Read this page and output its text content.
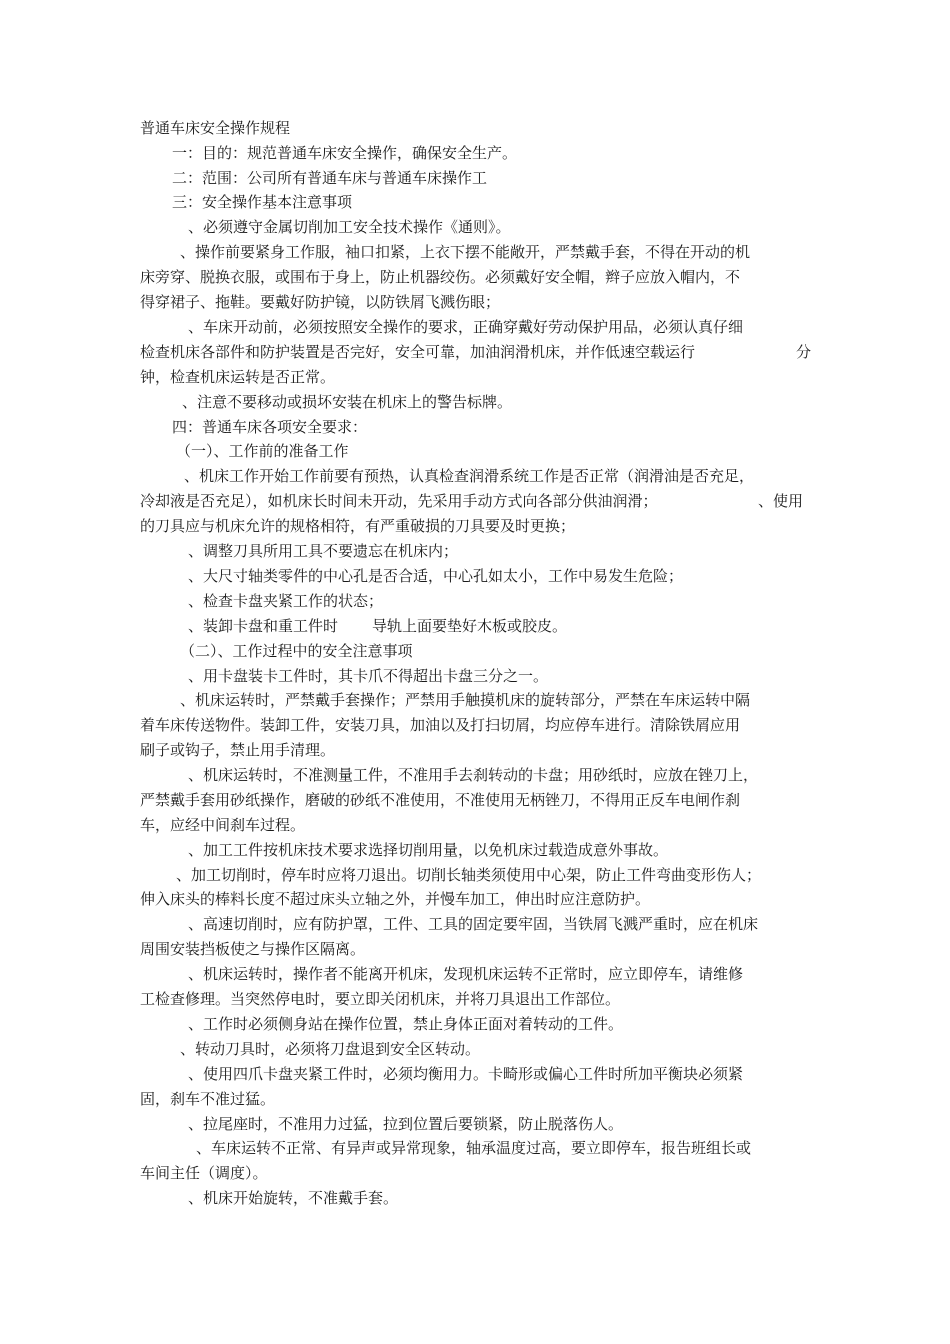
普通车床安全操作规程
一：目的：规范普通车床安全操作，确保安全生产。
二：范围：公司所有普通车床与普通车床操作工
三：安全操作基本注意事项
、必须遵守金属切削加工安全技术操作《通则》。
、操作前要紧身工作服，袖口扣紧，上衣下摆不能敞开，严禁戴手套，不得在开动的机
床旁穿、脱换衣服，或围布于身上，防止机器绞伤。必须戴好安全帽，辫子应放入帽内，不
得穿裙子、拖鞋。要戴好防护镜，以防铁屑飞溅伤眼；
、车床开动前，必须按照安全操作的要求，正确穿戴好劳动保护用品，必须认真仔细
检查机床各部件和防护装置是否完好，安全可靠，加油润滑机床，并作低速空载运行	分
钟，检查机床运转是否正常。
、注意不要移动或损坏安装在机床上的警告标牌。
四：普通车床各项安全要求：
（一）、工作前的准备工作
、机床工作开始工作前要有预热，认真检查润滑系统工作是否正常（润滑油是否充足，
冷却液是否充足），如机床长时间未开动，先采用手动方式向各部分供油润滑；	、使用
的刀具应与机床允许的规格相符，有严重破损的刀具要及时更换；
、调整刀具所用工具不要遗忘在机床内；
、大尺寸轴类零件的中心孔是否合适，中心孔如太小，工作中易发生危险；
、检查卡盘夹紧工作的状态；
、装卸卡盘和重工件时 导轨上面要垫好木板或胶皮。
（二）、工作过程中的安全注意事项
、用卡盘装卡工件时，其卡爪不得超出卡盘三分之一。
、机床运转时，严禁戴手套操作；严禁用手触摸机床的旋转部分，严禁在车床运转中隔
着车床传送物件。装卸工件，安装刀具，加油以及打扫切屑，均应停车进行。清除铁屑应用
刷子或钩子，禁止用手清理。
、机床运转时，不准测量工件，不准用手去刹转动的卡盘；用砂纸时，应放在锉刀上，
严禁戴手套用砂纸操作，磨破的砂纸不准使用，不准使用无柄锉刀，不得用正反车电闸作刹
车，应经中间刹车过程。
、加工工件按机床技术要求选择切削用量，以免机床过载造成意外事故。
、加工切削时，停车时应将刀退出。切削长轴类须使用中心架，防止工件弯曲变形伤人；
伸入床头的棒料长度不超过床头立轴之外，并慢车加工，伸出时应注意防护。
、高速切削时，应有防护罩，工件、工具的固定要牢固，当铁屑飞溅严重时，应在机床
周围安装挡板使之与操作区隔离。
、机床运转时，操作者不能离开机床，发现机床运转不正常时，应立即停车，请维修
工检查修理。当突然停电时，要立即关闭机床，并将刀具退出工作部位。
、工作时必须侧身站在操作位置，禁止身体正面对着转动的工件。
、转动刀具时，必须将刀盘退到安全区转动。
、使用四爪卡盘夹紧工件时，必须均衡用力。卡畸形或偏心工件时所加平衡块必须紧
固，刹车不准过猛。
、拉尾座时，不准用力过猛，拉到位置后要锁紧，防止脱落伤人。
、车床运转不正常、有异声或异常现象，轴承温度过高，要立即停车，报告班组长或
车间主任（调度）。
、机床开始旋转，不准戴手套。
